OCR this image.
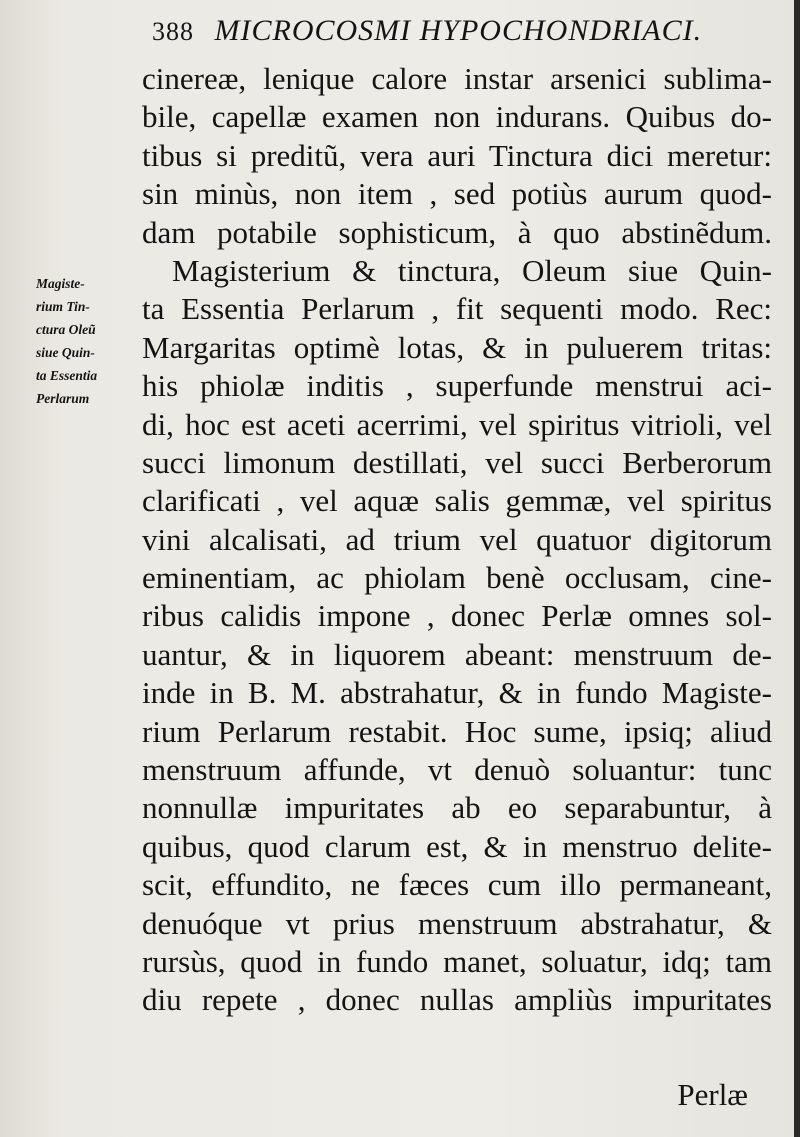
388 MICROCOSMI HYPOCHONDRIACI.
Magiste-
rium Tin-
ctura Oleũ
siue Quin-
ta Essentia
Perlarum
cinereæ, lenique calore instar arsenici sublima-
bile, capellæ examen non indurans. Quibus do-
tibus si preditũ, vera auri Tinctura dici meretur:
sin minùs, non item , sed potiùs aurum quod-
dam potabile sophisticum, à quo abstinẽdum.
Magisterium & tinctura, Oleum siue Quin-
ta Essentia Perlarum , fit sequenti modo. Rec:
Margaritas optimè lotas, & in puluerem tritas:
his phiolæ inditis , superfunde menstrui aci-
di, hoc est aceti acerrimi, vel spiritus vitrioli, vel
succi limonum destillati, vel succi Berberorum
clarificati , vel aquæ salis gemmæ, vel spiritus
vini alcalisati, ad trium vel quatuor digitorum
eminentiam, ac phiolam benè occlusam, cine-
ribus calidis impone , donec Perlæ omnes sol-
uantur, & in liquorem abeant: menstruum de-
inde in B. M. abstrahatur, & in fundo Magiste-
rium Perlarum restabit. Hoc sume, ipsiq; aliud
menstruum affunde, vt denuò soluantur: tunc
nonnullæ impuritates ab eo separabuntur, à
quibus, quod clarum est, & in menstruo delite-
scit, effundito, ne fæces cum illo permaneant,
denuóque vt prius menstruum abstrahatur, &
rursùs, quod in fundo manet, soluatur, idq; tam
diu repete , donec nullas ampliùs impuritates
Perlæ
